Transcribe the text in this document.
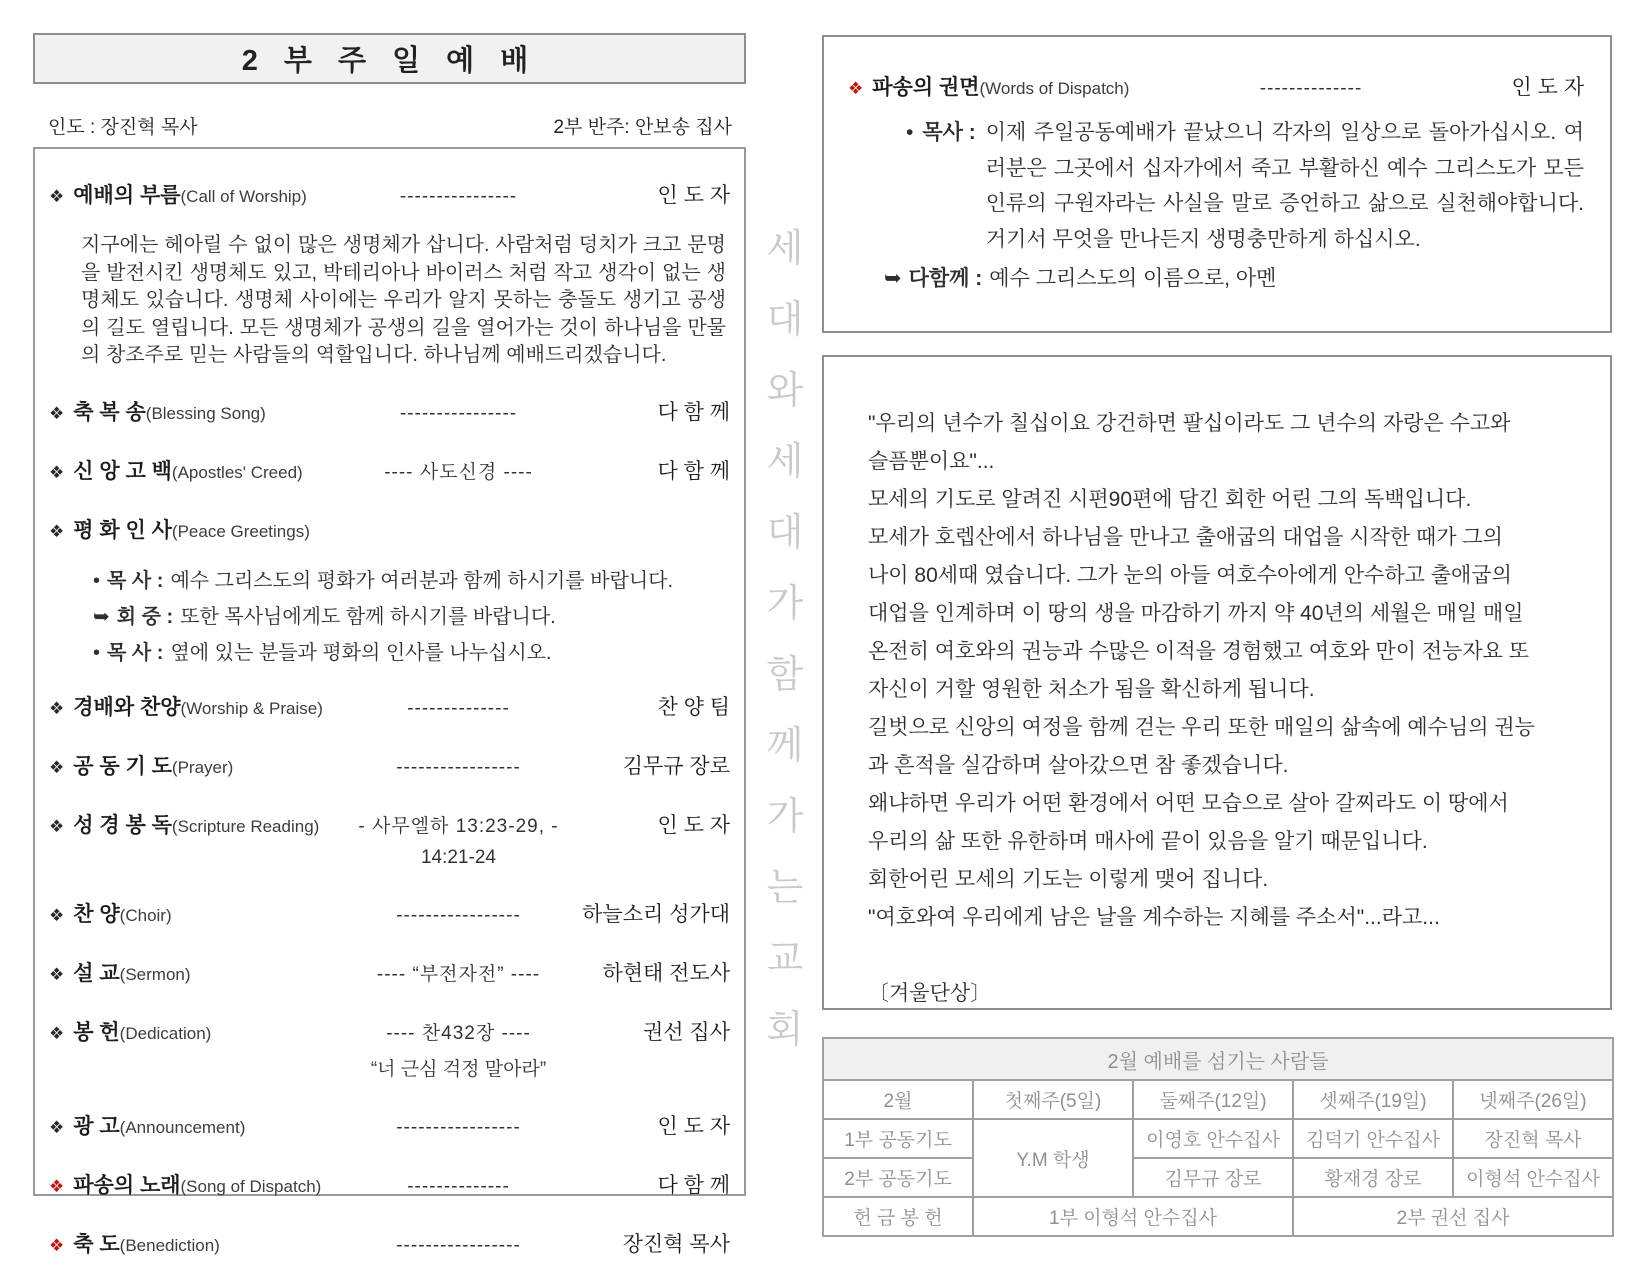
2 부 주 일 예 배
인도 : 장진혁 목사	2부 반주: 안보송 집사
❖ 예배의 부름(Call of Worship)	----------------	인 도 자
지구에는 헤아릴 수 없이 많은 생명체가 삽니다. 사람처럼 덩치가 크고 문명을 발전시킨 생명체도 있고, 박테리아나 바이러스 처럼 작고 생각이 없는 생명체도 있습니다. 생명체 사이에는 우리가 알지 못하는 충돌도 생기고 공생의 길도 열립니다. 모든 생명체가 공생의 길을 열어가는 것이 하나님을 만물의 창조주로 믿는 사람들의 역할입니다. 하나님께 예배드리겠습니다.
❖ 축 복 송(Blessing Song)	----------------	다 함 께
❖ 신 앙 고 백(Apostles' Creed)	---- 사도신경 ----	다 함 께
❖ 평 화 인 사(Peace Greetings)
• 목 사 : 예수 그리스도의 평화가 여러분과 함께 하시기를 바랍니다.
➥ 회 중 : 또한 목사님에게도 함께 하시기를 바랍니다.
• 목 사 : 옆에 있는 분들과 평화의 인사를 나누십시오.
❖ 경배와 찬양(Worship & Praise)	--------------	찬 양 팀
❖ 공 동 기 도(Prayer)	-----------------	김무규 장로
❖ 성 경 봉 독(Scripture Reading)	- 사무엘하 13:23-29, -	인 도 자
14:21-24
❖ 찬 양(Choir)	-----------------	하늘소리 성가대
❖ 설 교(Sermon)	---- “부전자전” ----	하현태 전도사
❖ 봉 헌(Dedication)	---- 찬432장 ----	권선 집사
“너 근심 걱정 말아라”
❖ 광 고(Announcement)	-----------------	인 도 자
❖ 파송의 노래(Song of Dispatch)	--------------	다 함 께
❖ 축 도(Benediction)	-----------------	장진혁 목사
세
대
와
세
대
가
함
께
가
는
교
회
❖ 파송의 권면(Words of Dispatch)	--------------	인 도 자
• 목사 : 이제 주일공동예배가 끝났으니 각자의 일상으로 돌아가십시오. 여러분은 그곳에서 십자가에서 죽고 부활하신 예수 그리스도가 모든 인류의 구원자라는 사실을 말로 증언하고 삶으로 실천해야합니다. 거기서 무엇을 만나든지 생명충만하게 하십시오.
➥ 다함께 : 예수 그리스도의 이름으로, 아멘
"우리의 년수가 칠십이요 강건하면 팔십이라도 그 년수의 자랑은 수고와
슬픔뿐이요"...
모세의 기도로 알려진 시편90편에 담긴 회한 어린 그의 독백입니다.
모세가 호렙산에서 하나님을 만나고 출애굽의 대업을 시작한 때가 그의
나이 80세때 였습니다. 그가 눈의 아들 여호수아에게 안수하고 출애굽의
대업을 인계하며 이 땅의 생을 마감하기 까지 약 40년의 세월은 매일 매일
온전히 여호와의 권능과 수많은 이적을 경험했고 여호와 만이 전능자요 또
자신이 거할 영원한 처소가 됨을 확신하게 됩니다.
길벗으로 신앙의 여정을 함께 걷는 우리 또한 매일의 삶속에 예수님의 권능
과 흔적을 실감하며 살아갔으면 참 좋겠습니다.
왜냐하면 우리가 어떤 환경에서 어떤 모습으로 살아 갈찌라도 이 땅에서
우리의 삶 또한 유한하며 매사에 끝이 있음을 알기 때문입니다.
회한어린 모세의 기도는 이렇게 맺어 집니다.
"여호와여 우리에게 남은 날을 계수하는 지혜를 주소서"...라고...
〔겨울단상〕
2월 예배를 섬기는 사람들				
2월	첫째주(5일)	둘째주(12일)	셋째주(19일)	넷째주(26일)
1부 공동기도	Y.M 학생	이영호 안수집사	김덕기 안수집사	장진혁 목사
2부 공동기도		김무규 장로	황재경 장로	이형석 안수집사
헌 금 봉 헌	1부 이형석 안수집사		2부 권선 집사	
